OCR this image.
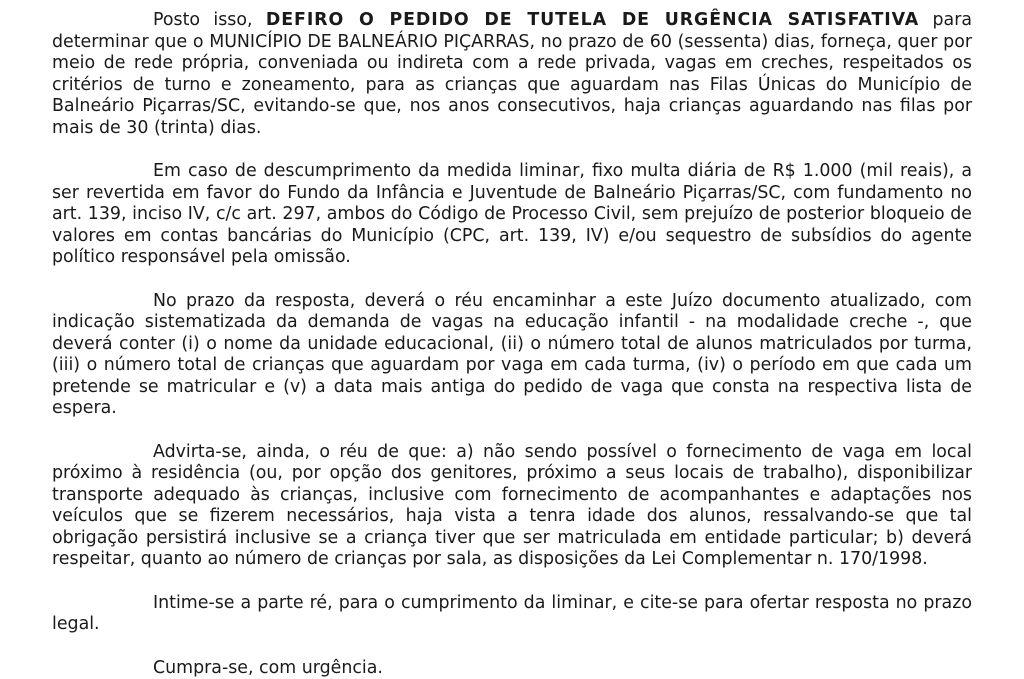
Posto isso, DEFIRO O PEDIDO DE TUTELA DE URGÊNCIA SATISFATIVA para determinar que o MUNICÍPIO DE BALNEÁRIO PIÇARRAS, no prazo de 60 (sessenta) dias, forneça, quer por meio de rede própria, conveniada ou indireta com a rede privada, vagas em creches, respeitados os critérios de turno e zoneamento, para as crianças que aguardam nas Filas Únicas do Município de Balneário Piçarras/SC, evitando-se que, nos anos consecutivos, haja crianças aguardando nas filas por mais de 30 (trinta) dias.

Em caso de descumprimento da medida liminar, fixo multa diária de R$ 1.000 (mil reais), a ser revertida em favor do Fundo da Infância e Juventude de Balneário Piçarras/SC, com fundamento no art. 139, inciso IV, c/c art. 297, ambos do Código de Processo Civil, sem prejuízo de posterior bloqueio de valores em contas bancárias do Município (CPC, art. 139, IV) e/ou sequestro de subsídios do agente político responsável pela omissão.

No prazo da resposta, deverá o réu encaminhar a este Juízo documento atualizado, com indicação sistematizada da demanda de vagas na educação infantil - na modalidade creche -, que deverá conter (i) o nome da unidade educacional, (ii) o número total de alunos matriculados por turma, (iii) o número total de crianças que aguardam por vaga em cada turma, (iv) o período em que cada um pretende se matricular e (v) a data mais antiga do pedido de vaga que consta na respectiva lista de espera.

Advirta-se, ainda, o réu de que: a) não sendo possível o fornecimento de vaga em local próximo à residência (ou, por opção dos genitores, próximo a seus locais de trabalho), disponibilizar transporte adequado às crianças, inclusive com fornecimento de acompanhantes e adaptações nos veículos que se fizerem necessários, haja vista a tenra idade dos alunos, ressalvando-se que tal obrigação persistirá inclusive se a criança tiver que ser matriculada em entidade particular; b) deverá respeitar, quanto ao número de crianças por sala, as disposições da Lei Complementar n. 170/1998.

Intime-se a parte ré, para o cumprimento da liminar, e cite-se para ofertar resposta no prazo legal.

Cumpra-se, com urgência.
